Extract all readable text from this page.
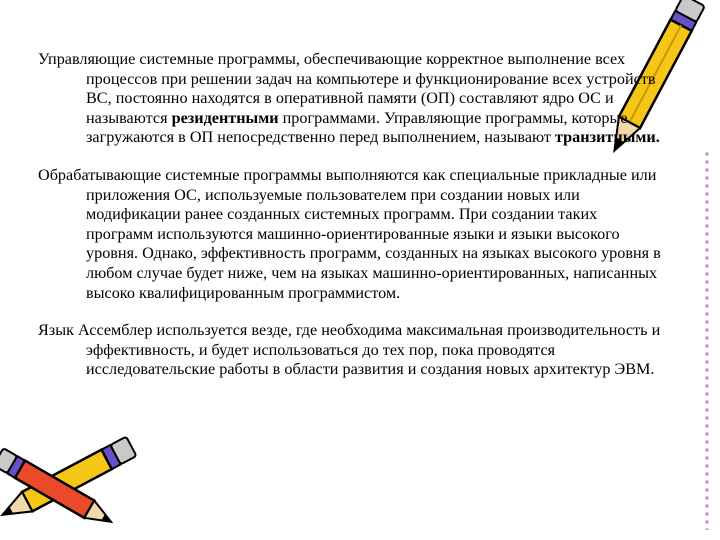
Управляющие системные программы, обеспечивающие корректное выполнение всех процессов при решении задач на компьютере и функционирование всех устройств ВС, постоянно находятся в оперативной памяти (ОП) составляют ядро ОС и называются резидентными программами. Управляющие программы, которые загружаются в ОП непосредственно перед выполнением, называют транзитными.

Обрабатывающие системные программы выполняются как специальные прикладные или приложения ОС, используемые пользователем при создании новых или модификации ранее созданных системных программ. При создании таких программ используются машинно-ориентированные языки и языки высокого уровня. Однако, эффективность программ, созданных на языках высокого уровня в любом случае будет ниже, чем на языках машинно-ориентированных, написанных высоко квалифицированным программистом.

Язык Ассемблер используется везде, где необходима максимальная производительность и эффективность, и будет использоваться до тех пор, пока проводятся исследовательские работы в области развития и создания новых архитектур ЭВМ.
